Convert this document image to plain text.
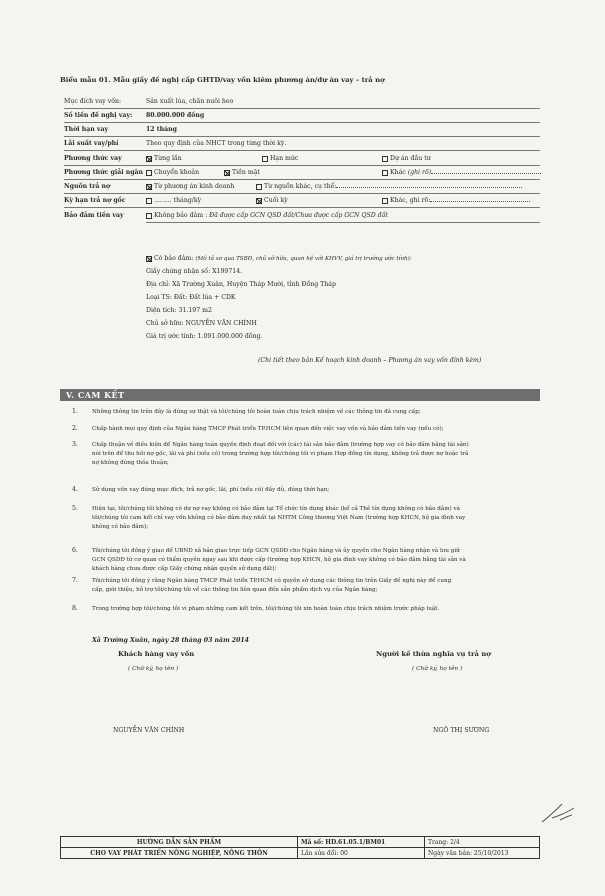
Biểu mẫu 01. Mẫu giấy đề nghị cấp GHTD/vay vốn kiêm phương án/dự án vay – trả nợ
Mục đích vay vốn:	Sản xuất lúa, chăn nuôi heo
Số tiền đề nghị vay: 80.000.000 đồng
Thời hạn vay	12 tháng
Lãi suất vay/phí	Theo quy định của NHCT trong từng thời kỳ.
Phương thức vay	Từng lần	Hạn mức	Dự án đầu tư
Phương thức giải ngân	Chuyển khoản	Tiền mặt	Khác (ghi rõ)
Nguồn trả nợ	Từ phương án kinh doanh	Từ nguồn khác, cụ thể:
Kỳ hạn trả nợ gốc	......... tháng/kỳ	Cuối kỳ	Khác, ghi rõ:
Bảo đảm tiền vay	Không bảo đảm : Đã được cấp GCN QSD đất/Chưa được cấp GCN QSD đất
Có bảo đảm: (Mô tả sơ qua TSBĐ, chủ sở hữu, quan hệ với KHVV, giá trị trường ước tính):
Giấy chứng nhận số: X199714.
Địa chỉ: Xã Trường Xuân, Huyện Tháp Mười, tỉnh Đồng Tháp
Loại TS: Đất: Đất lúa + CDK
Diện tích: 31.197 m2
Chủ sở hữu: NGUYỄN VĂN CHÍNH
Giá trị ước tính: 1.091.000.000 đồng.
(Chi tiết theo bản Kế hoạch kinh doanh – Phương án vay vốn đính kèm)
V. CAM KẾT
1.	Những thông tin trên đây là đúng sự thật và tôi/chúng tôi hoàn toàn chịu trách nhiệm về các thông tin đã cung cấp;
2.	Chấp hành mọi quy định của Ngân hàng TMCP Phát triển TP.HCM liên quan đến việc vay vốn và bảo đảm tiền vay (nếu có);
3.	Chấp thuận về điều kiện để Ngân hàng toàn quyền định đoạt đối với (các) tài sản bảo đảm (trường hợp vay có bảo đảm bằng tài sản)
nói trên để thu hồi nợ gốc, lãi và phí (nếu có) trong trường hợp tôi/chúng tôi vi phạm Hợp đồng tín dụng, không trả được nợ hoặc trả
nợ không đúng thỏa thuận;
4.	Sử dụng vốn vay đúng mục đích, trả nợ gốc, lãi, phí (nếu có) đầy đủ, đúng thời hạn;
5.	Hiện tại, tôi/chúng tôi không có dư nợ vay không có bảo đảm tại Tổ chức tín dụng khác (kể cả Thẻ tín dụng không có bảo đảm) và
tôi/chúng tôi cam kết chỉ vay vốn không có bảo đảm duy nhất tại NHTM Công thương Việt Nam (trường hợp KHCN, hộ gia đình vay
không có bảo đảm);
6.	Tôi/chúng tôi đồng ý giao để UBND xã bản giao trực tiếp GCN QSDĐ cho Ngân hàng và ủy quyền cho Ngân hàng nhận và lưu giữ
GCN QSDĐ từ cơ quan có thẩm quyền ngay sau khi được cấp (trường hợp KHCN, hộ gia đình vay không có bảo đảm bằng tài sản và
khách hàng chưa được cấp Giấy chứng nhận quyền sử dụng đất);
7.	Tôi/chúng tôi đồng ý rằng Ngân hàng TMCP Phát triển TP.HCM có quyền sử dụng các thông tin trên Giấy đề nghị này để cung
cấp, giới thiệu, hỗ trợ tôi/chúng tôi về các thông tin liên quan đến sản phẩm dịch vụ của Ngân hàng;
8.	Trong trường hợp tôi/chúng tôi vi phạm những cam kết trên, tôi/chúng tôi xin hoàn toàn chịu trách nhiệm trước pháp luật.
Xã Trường Xuân, ngày 28 tháng 03 năm 2014
Khách hàng vay vốn
( Chữ ký, họ tên )
Người kế thừa nghĩa vụ trả nợ
( Chữ ký, họ tên )
NGUYỄN VĂN CHÍNH	NGÔ THỊ SƯƠNG
HƯỚNG DẪN SẢN PHẨM	Mã số: HD.61.05.1/BM01	Trang: 2/4
CHO VAY PHÁT TRIỂN NÔNG NGHIỆP, NÔNG THÔN	Lần sửa đổi: 00	Ngày văn bản: 25/10/2013
